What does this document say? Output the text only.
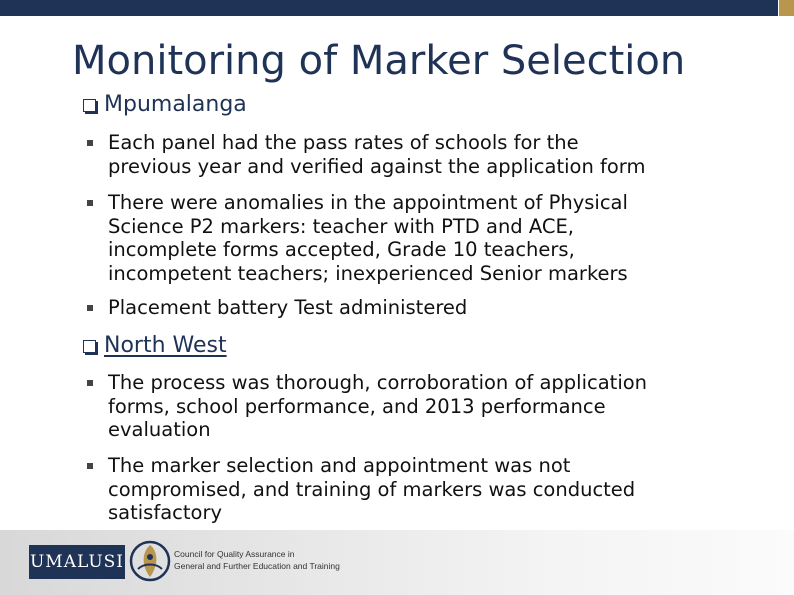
Monitoring of Marker Selection
Mpumalanga
Each panel had the pass rates of schools for the
previous year and verified against the application form
There were anomalies in the appointment of Physical
Science P2 markers: teacher with PTD and ACE,
incomplete forms accepted, Grade 10 teachers,
incompetent teachers; inexperienced Senior markers
Placement battery Test administered
North West
The process was thorough, corroboration of application
forms, school performance, and 2013 performance
evaluation
The marker selection and appointment was not
compromised, and training of markers was conducted
satisfactory
UMALUSI	Council for Quality Assurance in
General and Further Education and Training
